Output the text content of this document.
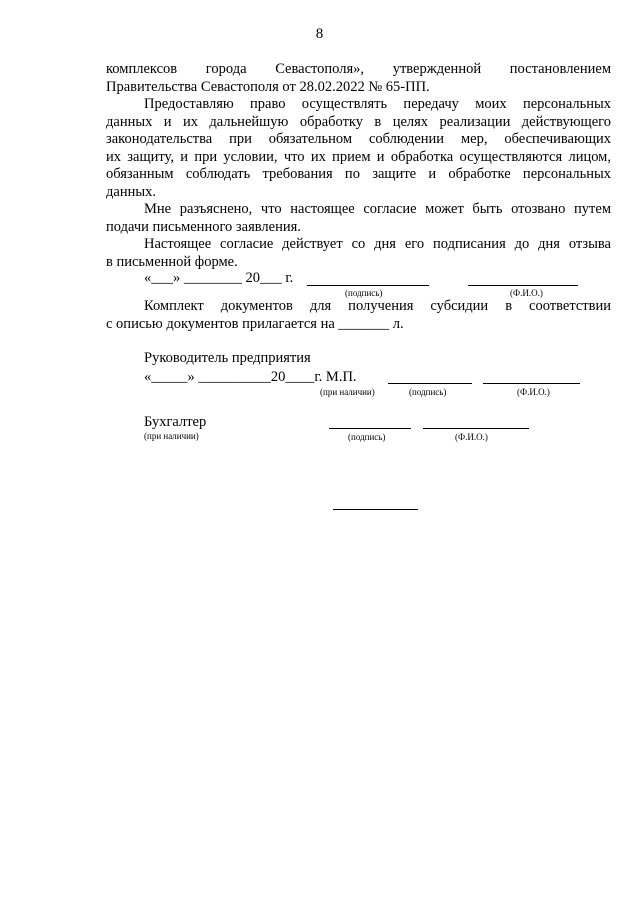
8
комплексов города Севастополя», утвержденной постановлением
Правительства Севастополя от 28.02.2022 № 65-ПП.
Предоставляю право осуществлять передачу моих персональных
данных и их дальнейшую обработку в целях реализации действующего
законодательства при обязательном соблюдении мер, обеспечивающих
их защиту, и при условии, что их прием и обработка осуществляются лицом,
обязанным соблюдать требования по защите и обработке персональных
данных.
Мне разъяснено, что настоящее согласие может быть отозвано путем
подачи письменного заявления.
Настоящее согласие действует со дня его подписания до дня отзыва
в письменной форме.
«___» ________ 20___ г.
(подпись)	(Ф.И.О.)
Комплект документов для получения субсидии в соответствии
с описью документов прилагается на _______ л.
Руководитель предприятия
«_____» __________20____г. М.П.
(при наличии)	(подпись)	(Ф.И.О.)
Бухгалтер
(при наличии)	(подпись)	(Ф.И.О.)
